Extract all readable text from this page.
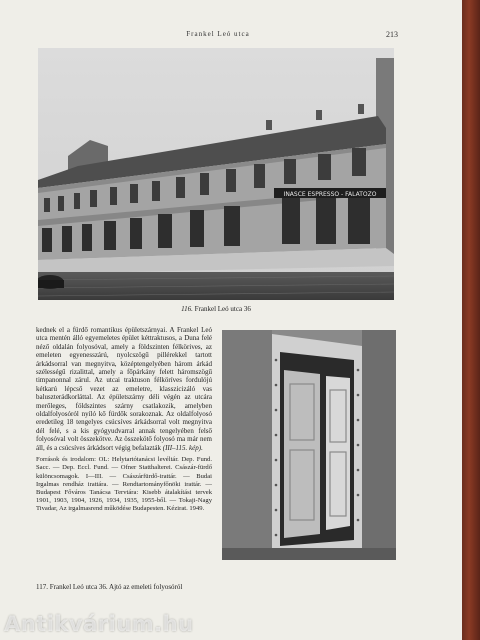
Frankel Leó utca	213
INASCE ESPRESSO - FALATOZO
116. Frankel Leó utca 36

kednek el a fürdő romantikus épületszárnyai. A Frankel Leó utca mentén álló egyemeletes épület kéttraktusos, a Duna felé néző oldalán folyosóval, amely a földszinten félkörives, az emeleten egyenesszárú, nyolcszögű pillérekkel tartott árkádsorral van megnyitva, középtengelyében három árkád szélességű rizalittal, amely a főpárkány felett háromszögű timpanonnal zárul. Az utcai traktuson félköríves fordulójú kétkarú lépcső vezet az emeletre, klasszicizáló vas baluszterádkorláttal. Az épületszárny déli végén az utcára merőleges, földszintes szárny csatlakozik, amelyben oldalfolyosóról nyíló kő fürdők sorakoznak. Az oldalfolyosó eredetileg 18 tengelyes csúcsíves árkádsorral volt megnyitva dél felé, s a kis gyógyudvarral annak tengelyében felső folyosóval volt összekötve. Az összekötő folyosó ma már nem áll, és a csúcsíves árkádsort végig befalazták (III–115. kép).

Források és irodalom: OL: Helytartótanácsi levéltár. Dep. Fund. Sacc. — Dep. Eccl. Fund. — Ofner Statthalterei. Császár-fürdő különcsomagok. I—III. — Császárfürdő-irattár. — Budai Irgalmas rendház irattára. — Rendtartományfőnöki irattár. — Budapest Főváros Tanácsa Tervtára: Kisebb átalakítási tervek 1901, 1903, 1904, 1926, 1934, 1935, 1955-ből. — Tokaji-Nagy Tivadar, Az irgalmasrend működése Budapesten. Kézirat. 1949.

117. Frankel Leó utca 36. Ajtó az emeleti folyosóról
Antikvárium.hu
